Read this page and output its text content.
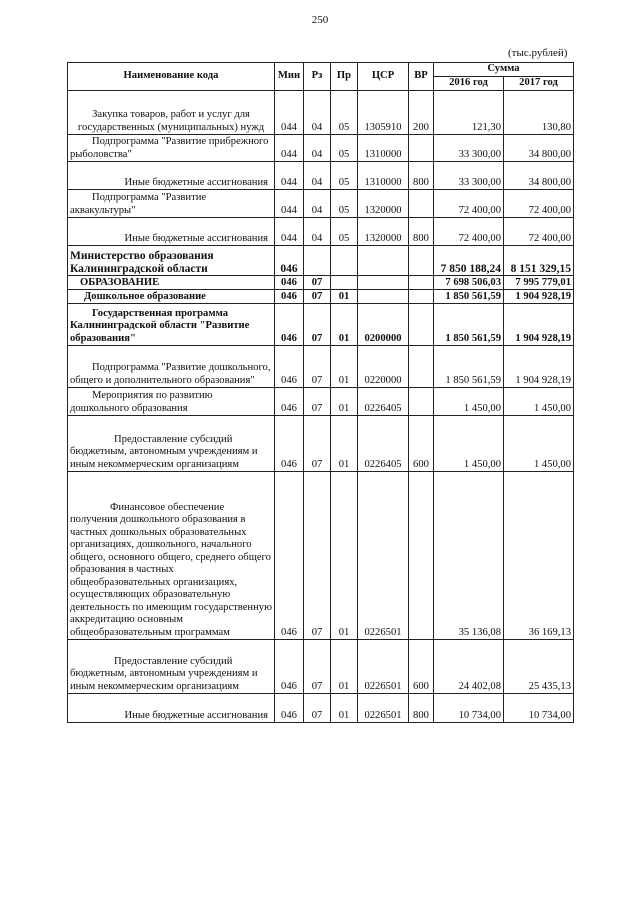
250
(тыс.рублей)
Наименование кода	Мин	Рз	Пр	ЦСР	ВР	Сумма	
						2016 год	2017 год

Закупка товаров, работ и услуг для государственных (муниципальных) нужд	044	04	05	1305910	200	121,30	130,80

Подпрограмма "Развитие прибрежного рыболовства"	044	04	05	1310000		33 300,00	34 800,00

Иные бюджетные ассигнования	044	04	05	1310000	800	33 300,00	34 800,00

Подпрограмма "Развитие аквакультуры"	044	04	05	1320000		72 400,00	72 400,00

Иные бюджетные ассигнования	044	04	05	1320000	800	72 400,00	72 400,00

Министерство образования Калининградской области	046					7 850 188,24	8 151 329,15

ОБРАЗОВАНИЕ	046	07				7 698 506,03	7 995 779,01

Дошкольное образование	046	07	01			1 850 561,59	1 904 928,19

Государственная программа Калининградской области "Развитие образования"	046	07	01	0200000		1 850 561,59	1 904 928,19

Подпрограмма "Развитие дошкольного, общего и дополнительного образования"	046	07	01	0220000		1 850 561,59	1 904 928,19

Мероприятия по развитию дошкольного образования	046	07	01	0226405		1 450,00	1 450,00

Предоставление субсидий бюджетным, автономным учреждениям и иным некоммерческим организациям	046	07	01	0226405	600	1 450,00	1 450,00

Финансовое обеспечение получения дошкольного образования в частных дошкольных образовательных организациях, дошкольного, начального общего, основного общего, среднего общего образования в частных общеобразовательных организациях, осуществляющих образовательную деятельность по имеющим государственную аккредитацию основным общеобразовательным программам	046	07	01	0226501		35 136,08	36 169,13

Предоставление субсидий бюджетным, автономным учреждениям и иным некоммерческим организациям	046	07	01	0226501	600	24 402,08	25 435,13

Иные бюджетные ассигнования	046	07	01	0226501	800	10 734,00	10 734,00
